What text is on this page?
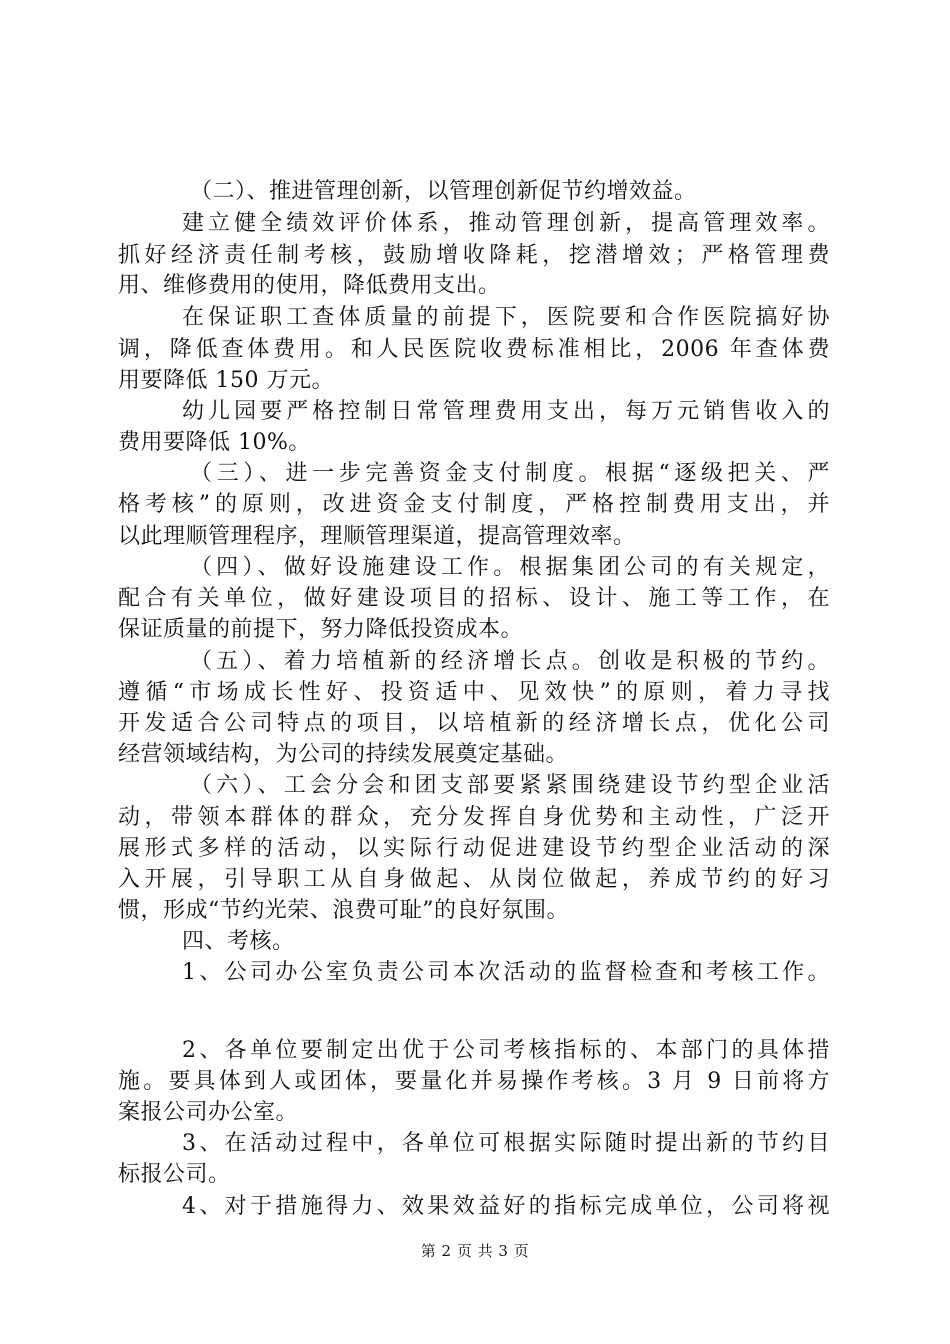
（二）、推进管理创新，以管理创新促节约增效益。
建立健全绩效评价体系，推动管理创新，提高管理效率。
抓好经济责任制考核，鼓励增收降耗，挖潜增效；严格管理费
用、维修费用的使用，降低费用支出。
在保证职工查体质量的前提下，医院要和合作医院搞好协
调，降低查体费用。和人民医院收费标准相比，2006 年查体费
用要降低 150 万元。
幼儿园要严格控制日常管理费用支出，每万元销售收入的
费用要降低 10%。
（三）、进一步完善资金支付制度。根据“逐级把关、严
格考核”的原则，改进资金支付制度，严格控制费用支出，并
以此理顺管理程序，理顺管理渠道，提高管理效率。
（四）、做好设施建设工作。根据集团公司的有关规定，
配合有关单位，做好建设项目的招标、设计、施工等工作，在
保证质量的前提下，努力降低投资成本。
（五）、着力培植新的经济增长点。创收是积极的节约。
遵循“市场成长性好、投资适中、见效快”的原则，着力寻找
开发适合公司特点的项目，以培植新的经济增长点，优化公司
经营领域结构，为公司的持续发展奠定基础。
（六）、工会分会和团支部要紧紧围绕建设节约型企业活
动，带领本群体的群众，充分发挥自身优势和主动性，广泛开
展形式多样的活动，以实际行动促进建设节约型企业活动的深
入开展，引导职工从自身做起、从岗位做起，养成节约的好习
惯，形成“节约光荣、浪费可耻”的良好氛围。
四、考核。
1、公司办公室负责公司本次活动的监督检查和考核工作。
2、各单位要制定出优于公司考核指标的、本部门的具体措
施。要具体到人或团体，要量化并易操作考核。3 月 9 日前将方
案报公司办公室。
3、在活动过程中，各单位可根据实际随时提出新的节约目
标报公司。
4、对于措施得力、效果效益好的指标完成单位，公司将视
第 2 页 共 3 页
